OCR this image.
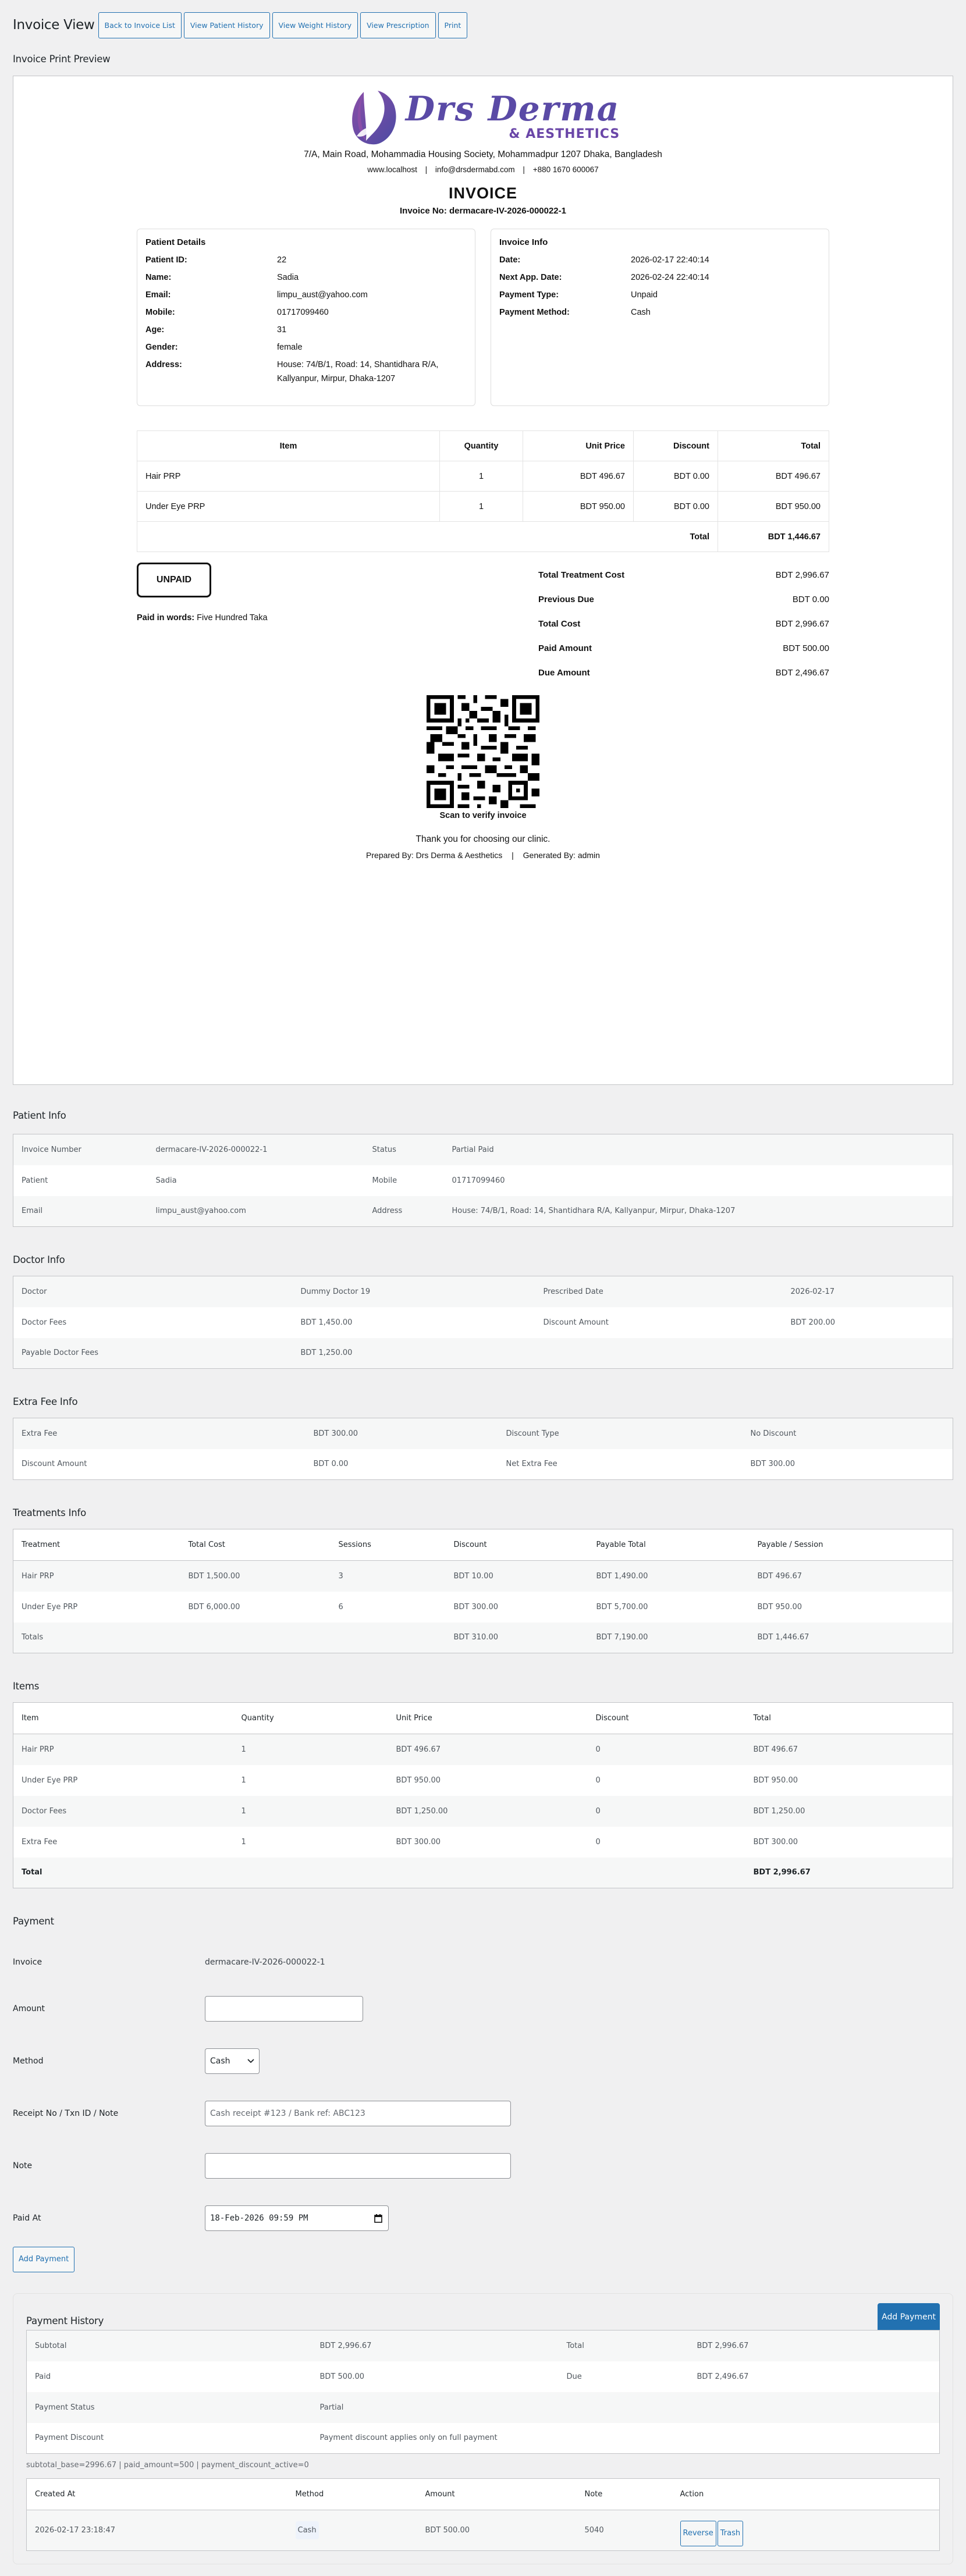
Invoice View	Back to Invoice List	View Patient History	View Weight History	View Prescription	Print
Invoice Print Preview
Drs Derma
& AESTHETICS
7/A, Main Road, Mohammadia Housing Society, Mohammadpur 1207 Dhaka, Bangladesh
www.localhost | info@drsdermabd.com | +880 1670 600067
INVOICE
Invoice No: dermacare-IV-2026-000022-1
Patient Details
Patient ID:	22
Name:	Sadia
Email:	limpu_aust@yahoo.com
Mobile:	01717099460
Age:	31
Gender:	female
Address:	House: 74/B/1, Road: 14, Shantidhara R/A, Kallyanpur, Mirpur, Dhaka-1207
Invoice Info
Date:	2026-02-17 22:40:14
Next App. Date:	2026-02-24 22:40:14
Payment Type:	Unpaid
Payment Method:	Cash
Item	Quantity	Unit Price	Discount	Total
Hair PRP	1	BDT 496.67	BDT 0.00	BDT 496.67
Under Eye PRP	1	BDT 950.00	BDT 0.00	BDT 950.00
			Total	BDT 1,446.67
UNPAID
Paid in words: Five Hundred Taka
Total Treatment Cost	BDT 2,996.67
Previous Due	BDT 0.00
Total Cost	BDT 2,996.67
Paid Amount	BDT 500.00
Due Amount	BDT 2,496.67
Scan to verify invoice
Thank you for choosing our clinic.
Prepared By: Drs Derma & Aesthetics | Generated By: admin
Patient Info
Invoice Number	dermacare-IV-2026-000022-1	Status	Partial Paid
Patient	Sadia	Mobile	01717099460
Email	limpu_aust@yahoo.com	Address	House: 74/B/1, Road: 14, Shantidhara R/A, Kallyanpur, Mirpur, Dhaka-1207
Doctor Info
Doctor	Dummy Doctor 19	Prescribed Date	2026-02-17
Doctor Fees	BDT 1,450.00	Discount Amount	BDT 200.00
Payable Doctor Fees	BDT 1,250.00		
Extra Fee Info
Extra Fee	BDT 300.00	Discount Type	No Discount
Discount Amount	BDT 0.00	Net Extra Fee	BDT 300.00
Treatments Info
Treatment	Total Cost	Sessions	Discount	Payable Total	Payable / Session
Hair PRP	BDT 1,500.00	3	BDT 10.00	BDT 1,490.00	BDT 496.67
Under Eye PRP	BDT 6,000.00	6	BDT 300.00	BDT 5,700.00	BDT 950.00
Totals			BDT 310.00	BDT 7,190.00	BDT 1,446.67
Items
Item	Quantity	Unit Price	Discount	Total
Hair PRP	1	BDT 496.67	0	BDT 496.67
Under Eye PRP	1	BDT 950.00	0	BDT 950.00
Doctor Fees	1	BDT 1,250.00	0	BDT 1,250.00
Extra Fee	1	BDT 300.00	0	BDT 300.00
Total				BDT 2,996.67
Payment
Invoice	dermacare-IV-2026-000022-1
Amount
Method	Cash
Receipt No / Txn ID / Note
Cash receipt #123 / Bank ref: ABC123
Note
Paid At	18-Feb-2026 09:59 PM
Add Payment
Payment History	Add Payment
Subtotal	BDT 2,996.67	Total	BDT 2,996.67
Paid	BDT 500.00	Due	BDT 2,496.67
Payment Status	Partial		
Payment Discount	Payment discount applies only on full payment		
subtotal_base=2996.67 | paid_amount=500 | payment_discount_active=0
Created At	Method	Amount	Note	Action
2026-02-17 23:18:47	Cash	BDT 500.00	5040	Reverse Trash
